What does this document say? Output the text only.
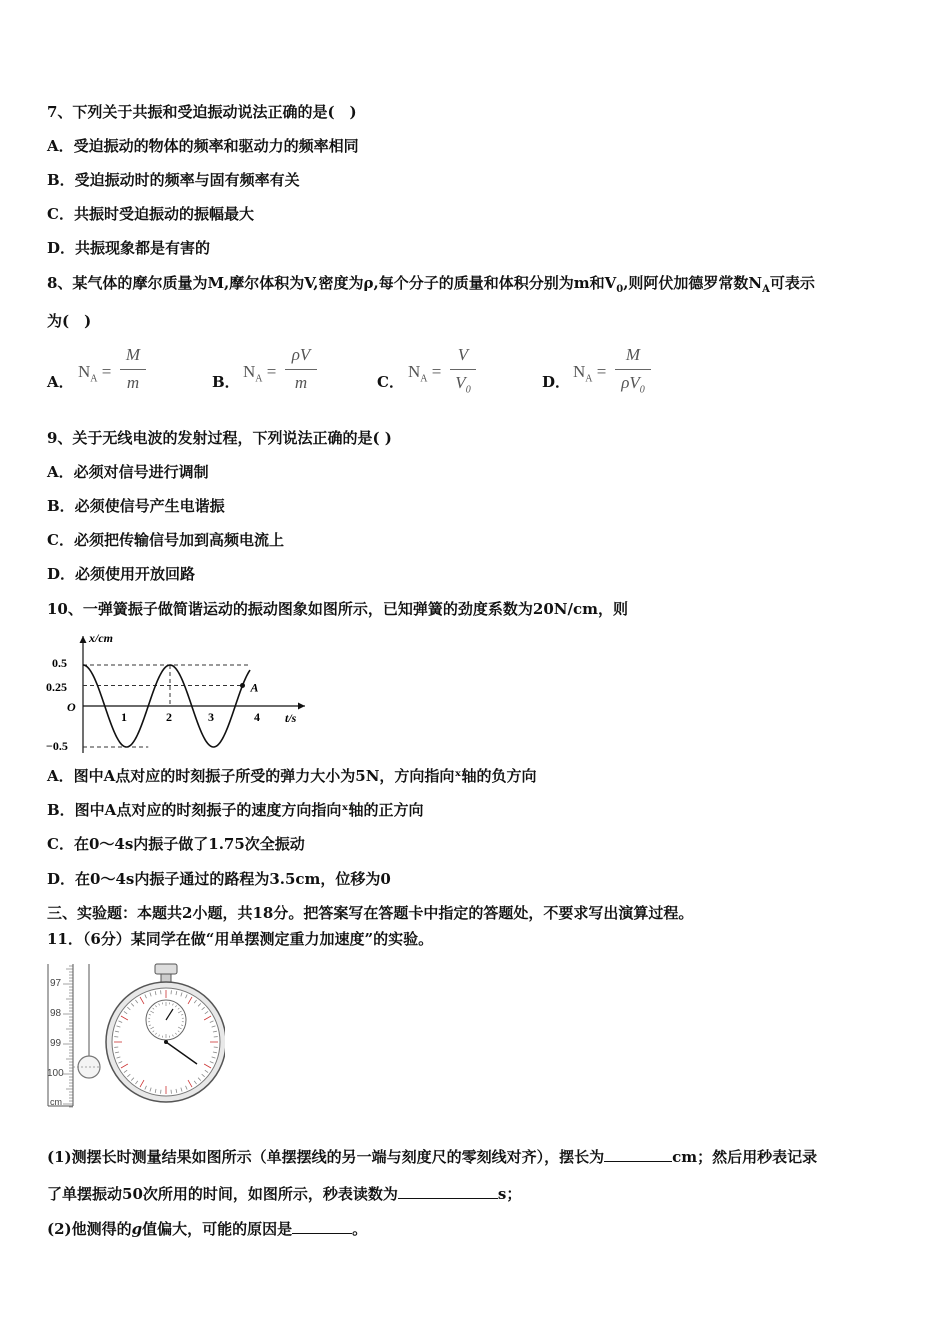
7、下列关于共振和受迫振动说法正确的是(　)
A．受迫振动的物体的频率和驱动力的频率相同
B．受迫振动时的频率与固有频率有关
C．共振时受迫振动的振幅最大
D．共振现象都是有害的
8、某气体的摩尔质量为M,摩尔体积为V,密度为ρ,每个分子的质量和体积分别为m和$V_0$,则阿伏加德罗常数$N_A$可表示
为(　)
A．
$N_A$ =
M
m	B．
$N_A$ =
ρV
m	C．
$N_A$ =
V
$V_0$	D．
$N_A$ =
M
$\rho V_0$
9、关于无线电波的发射过程，下列说法正确的是( )
A．必须对信号进行调制
B．必须使信号产生电谐振
C．必须把传输信号加到高频电流上
D．必须使用开放回路
10、一弹簧振子做简谐运动的振动图象如图所示，已知弹簧的劲度系数为20N/cm，则
A
x/cm
t/s
0.5
0.25
O
−0.5
1	2	3	4
A．图中A点对应的时刻振子所受的弹力大小为5N，方向指向ˣ轴的负方向
B．图中A点对应的时刻振子的速度方向指向ˣ轴的正方向
C．在0～4s内振子做了1.75次全振动
D．在0～4s内振子通过的路程为3.5cm，位移为0
三、实验题：本题共2小题，共18分。把答案写在答题卡中指定的答题处，不要求写出演算过程。
11．（6分）某同学在做“用单摆测定重力加速度”的实验。
97
98
99
100
cm
(1)测摆长时测量结果如图所示（单摆摆线的另一端与刻度尺的零刻线对齐），摆长为	cm；然后用秒表记录
了单摆振动50次所用的时间，如图所示，秒表读数为	s；
(2)他测得的g值偏大，可能的原因是	。
